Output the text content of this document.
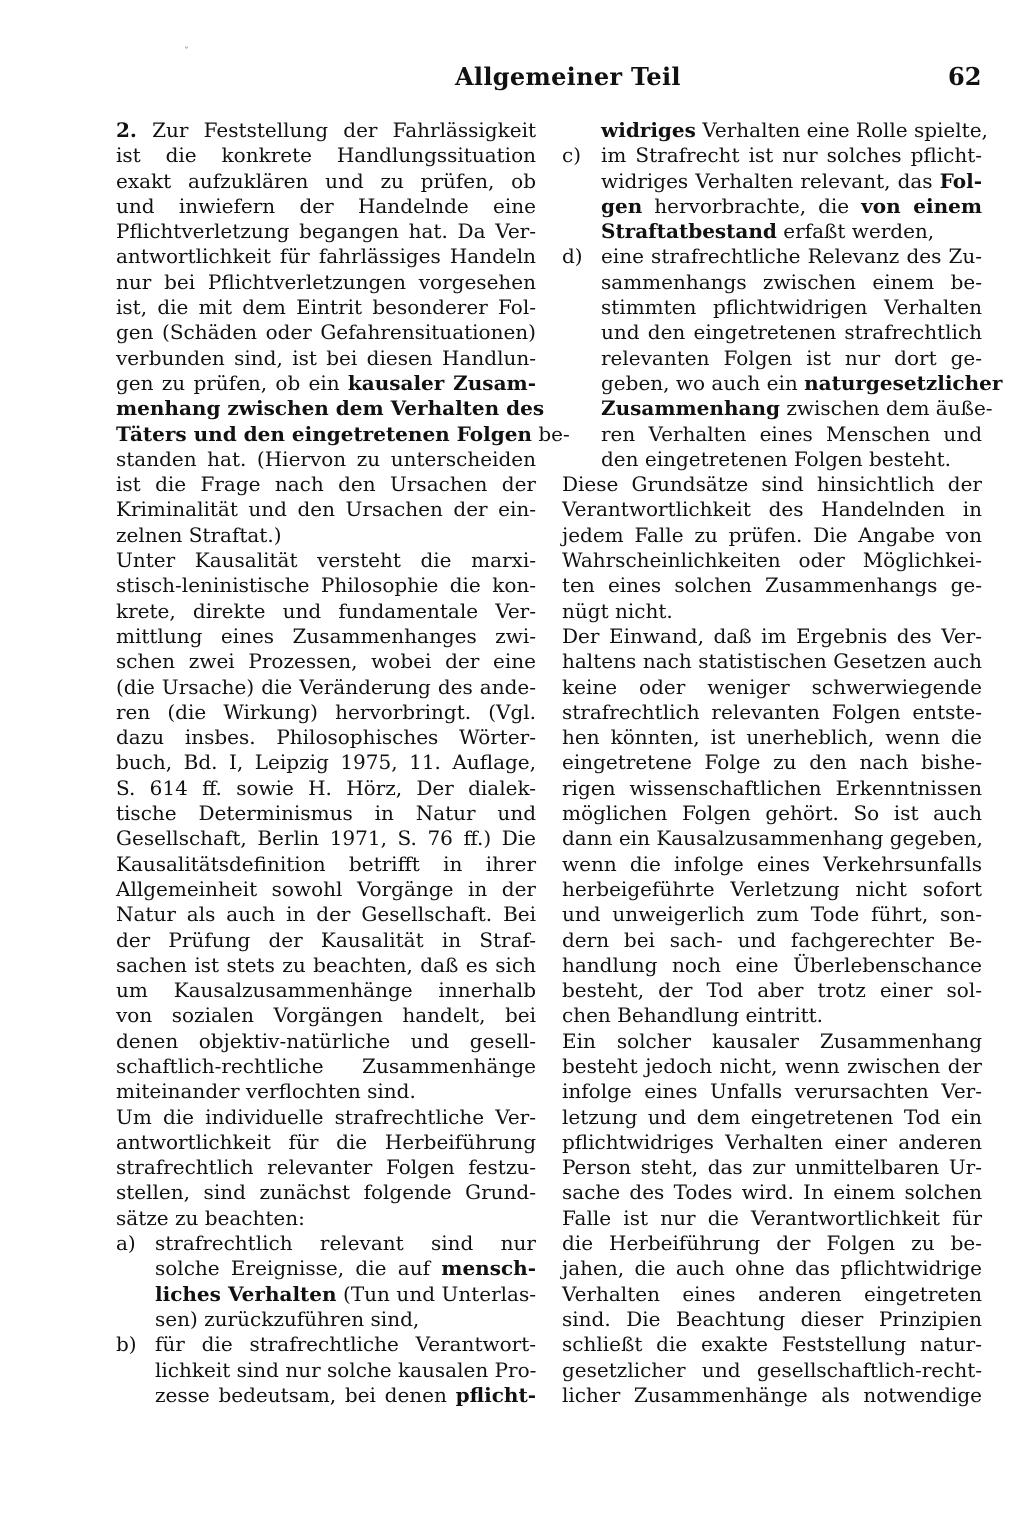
ˇ
Allgemeiner Teil	62
2. Zur Feststellung der Fahrlässigkeit
ist die konkrete Handlungssituation
exakt aufzuklären und zu prüfen, ob
und inwiefern der Handelnde eine
Pflichtverletzung begangen hat. Da Ver-
antwortlichkeit für fahrlässiges Handeln
nur bei Pflichtverletzungen vorgesehen
ist, die mit dem Eintrit besonderer Fol-
gen (Schäden oder Gefahrensituationen)
verbunden sind, ist bei diesen Handlun-
gen zu prüfen, ob ein kausaler Zusam-
menhang zwischen dem Verhalten des
Täters und den eingetretenen Folgen be-
standen hat. (Hiervon zu unterscheiden
ist die Frage nach den Ursachen der
Kriminalität und den Ursachen der ein-
zelnen Straftat.)
Unter Kausalität versteht die marxi-
stisch-leninistische Philosophie die kon-
krete, direkte und fundamentale Ver-
mittlung eines Zusammenhanges zwi-
schen zwei Prozessen, wobei der eine
(die Ursache) die Veränderung des ande-
ren (die Wirkung) hervorbringt. (Vgl.
dazu insbes. Philosophisches Wörter-
buch, Bd. I, Leipzig 1975, 11. Auflage,
S. 614 ff. sowie H. Hörz, Der dialek-
tische Determinismus in Natur und
Gesellschaft, Berlin 1971, S. 76 ff.) Die
Kausalitätsdefinition betrifft in ihrer
Allgemeinheit sowohl Vorgänge in der
Natur als auch in der Gesellschaft. Bei
der Prüfung der Kausalität in Straf-
sachen ist stets zu beachten, daß es sich
um Kausalzusammenhänge innerhalb
von sozialen Vorgängen handelt, bei
denen objektiv-natürliche und gesell-
schaftlich-rechtliche Zusammenhänge
miteinander verflochten sind.
Um die individuelle strafrechtliche Ver-
antwortlichkeit für die Herbeiführung
strafrechtlich relevanter Folgen festzu-
stellen, sind zunächst folgende Grund-
sätze zu beachten:
a) strafrechtlich relevant sind nur
solche Ereignisse, die auf mensch-
liches Verhalten (Tun und Unterlas-
sen) zurückzuführen sind,
b) für die strafrechtliche Verantwort-
lichkeit sind nur solche kausalen Pro-
zesse bedeutsam, bei denen pflicht-
widriges Verhalten eine Rolle spielte,
c) im Strafrecht ist nur solches pflicht-
widriges Verhalten relevant, das Fol-
gen hervorbrachte, die von einem
Straftatbestand erfaßt werden,
d) eine strafrechtliche Relevanz des Zu-
sammenhangs zwischen einem be-
stimmten pflichtwidrigen Verhalten
und den eingetretenen strafrechtlich
relevanten Folgen ist nur dort ge-
geben, wo auch ein naturgesetzlicher
Zusammenhang zwischen dem äuße-
ren Verhalten eines Menschen und
den eingetretenen Folgen besteht.
Diese Grundsätze sind hinsichtlich der
Verantwortlichkeit des Handelnden in
jedem Falle zu prüfen. Die Angabe von
Wahrscheinlichkeiten oder Möglichkei-
ten eines solchen Zusammenhangs ge-
nügt nicht.
Der Einwand, daß im Ergebnis des Ver-
haltens nach statistischen Gesetzen auch
keine oder weniger schwerwiegende
strafrechtlich relevanten Folgen entste-
hen könnten, ist unerheblich, wenn die
eingetretene Folge zu den nach bishe-
rigen wissenschaftlichen Erkenntnissen
möglichen Folgen gehört. So ist auch
dann ein Kausalzusammenhang gegeben,
wenn die infolge eines Verkehrsunfalls
herbeigeführte Verletzung nicht sofort
und unweigerlich zum Tode führt, son-
dern bei sach- und fachgerechter Be-
handlung noch eine Überlebenschance
besteht, der Tod aber trotz einer sol-
chen Behandlung eintritt.
Ein solcher kausaler Zusammenhang
besteht jedoch nicht, wenn zwischen der
infolge eines Unfalls verursachten Ver-
letzung und dem eingetretenen Tod ein
pflichtwidriges Verhalten einer anderen
Person steht, das zur unmittelbaren Ur-
sache des Todes wird. In einem solchen
Falle ist nur die Verantwortlichkeit für
die Herbeiführung der Folgen zu be-
jahen, die auch ohne das pflichtwidrige
Verhalten eines anderen eingetreten
sind. Die Beachtung dieser Prinzipien
schließt die exakte Feststellung natur-
gesetzlicher und gesellschaftlich-recht-
licher Zusammenhänge als notwendige
